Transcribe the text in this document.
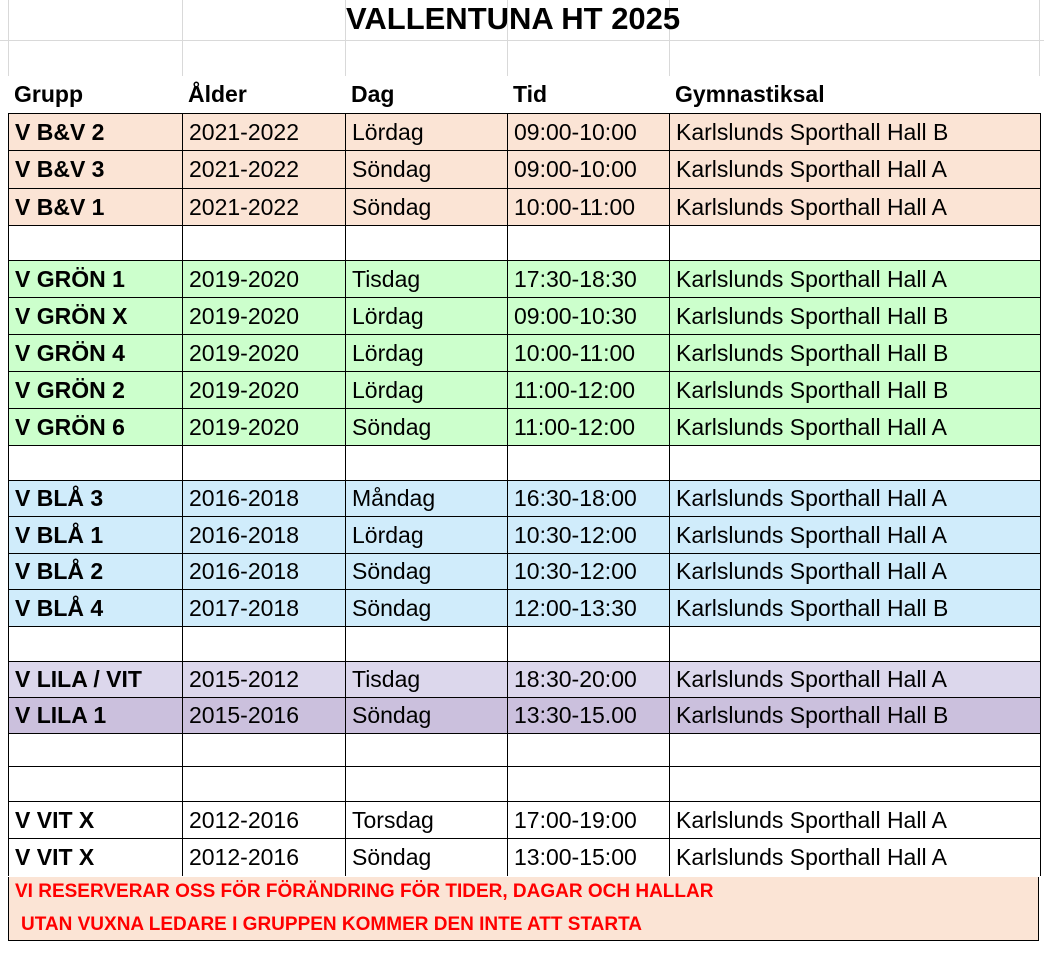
VALLENTUNA HT 2025
Grupp	Ålder	Dag	Tid	Gymnastiksal
V B&V 2	2021-2022	Lördag	09:00-10:00	Karlslunds Sporthall Hall B
V B&V 3	2021-2022	Söndag	09:00-10:00	Karlslunds Sporthall Hall A
V B&V 1	2021-2022	Söndag	10:00-11:00	Karlslunds Sporthall Hall A
V GRÖN 1	2019-2020	Tisdag	17:30-18:30	Karlslunds Sporthall Hall A
V GRÖN X	2019-2020	Lördag	09:00-10:30	Karlslunds Sporthall Hall B
V GRÖN 4	2019-2020	Lördag	10:00-11:00	Karlslunds Sporthall Hall B
V GRÖN 2	2019-2020	Lördag	11:00-12:00	Karlslunds Sporthall Hall B
V GRÖN 6	2019-2020	Söndag	11:00-12:00	Karlslunds Sporthall Hall A
V BLÅ 3	2016-2018	Måndag	16:30-18:00	Karlslunds Sporthall Hall A
V BLÅ 1	2016-2018	Lördag	10:30-12:00	Karlslunds Sporthall Hall A
V BLÅ 2	2016-2018	Söndag	10:30-12:00	Karlslunds Sporthall Hall A
V BLÅ 4	2017-2018	Söndag	12:00-13:30	Karlslunds Sporthall Hall B
V LILA / VIT	2015-2012	Tisdag	18:30-20:00	Karlslunds Sporthall Hall A
V LILA 1	2015-2016	Söndag	13:30-15.00	Karlslunds Sporthall Hall B
V VIT X	2012-2016	Torsdag	17:00-19:00	Karlslunds Sporthall Hall A
V VIT X	2012-2016	Söndag	13:00-15:00	Karlslunds Sporthall Hall A
VI RESERVERAR OSS FÖR FÖRÄNDRING FÖR TIDER, DAGAR OCH HALLAR
UTAN VUXNA LEDARE I GRUPPEN KOMMER DEN INTE ATT STARTA
